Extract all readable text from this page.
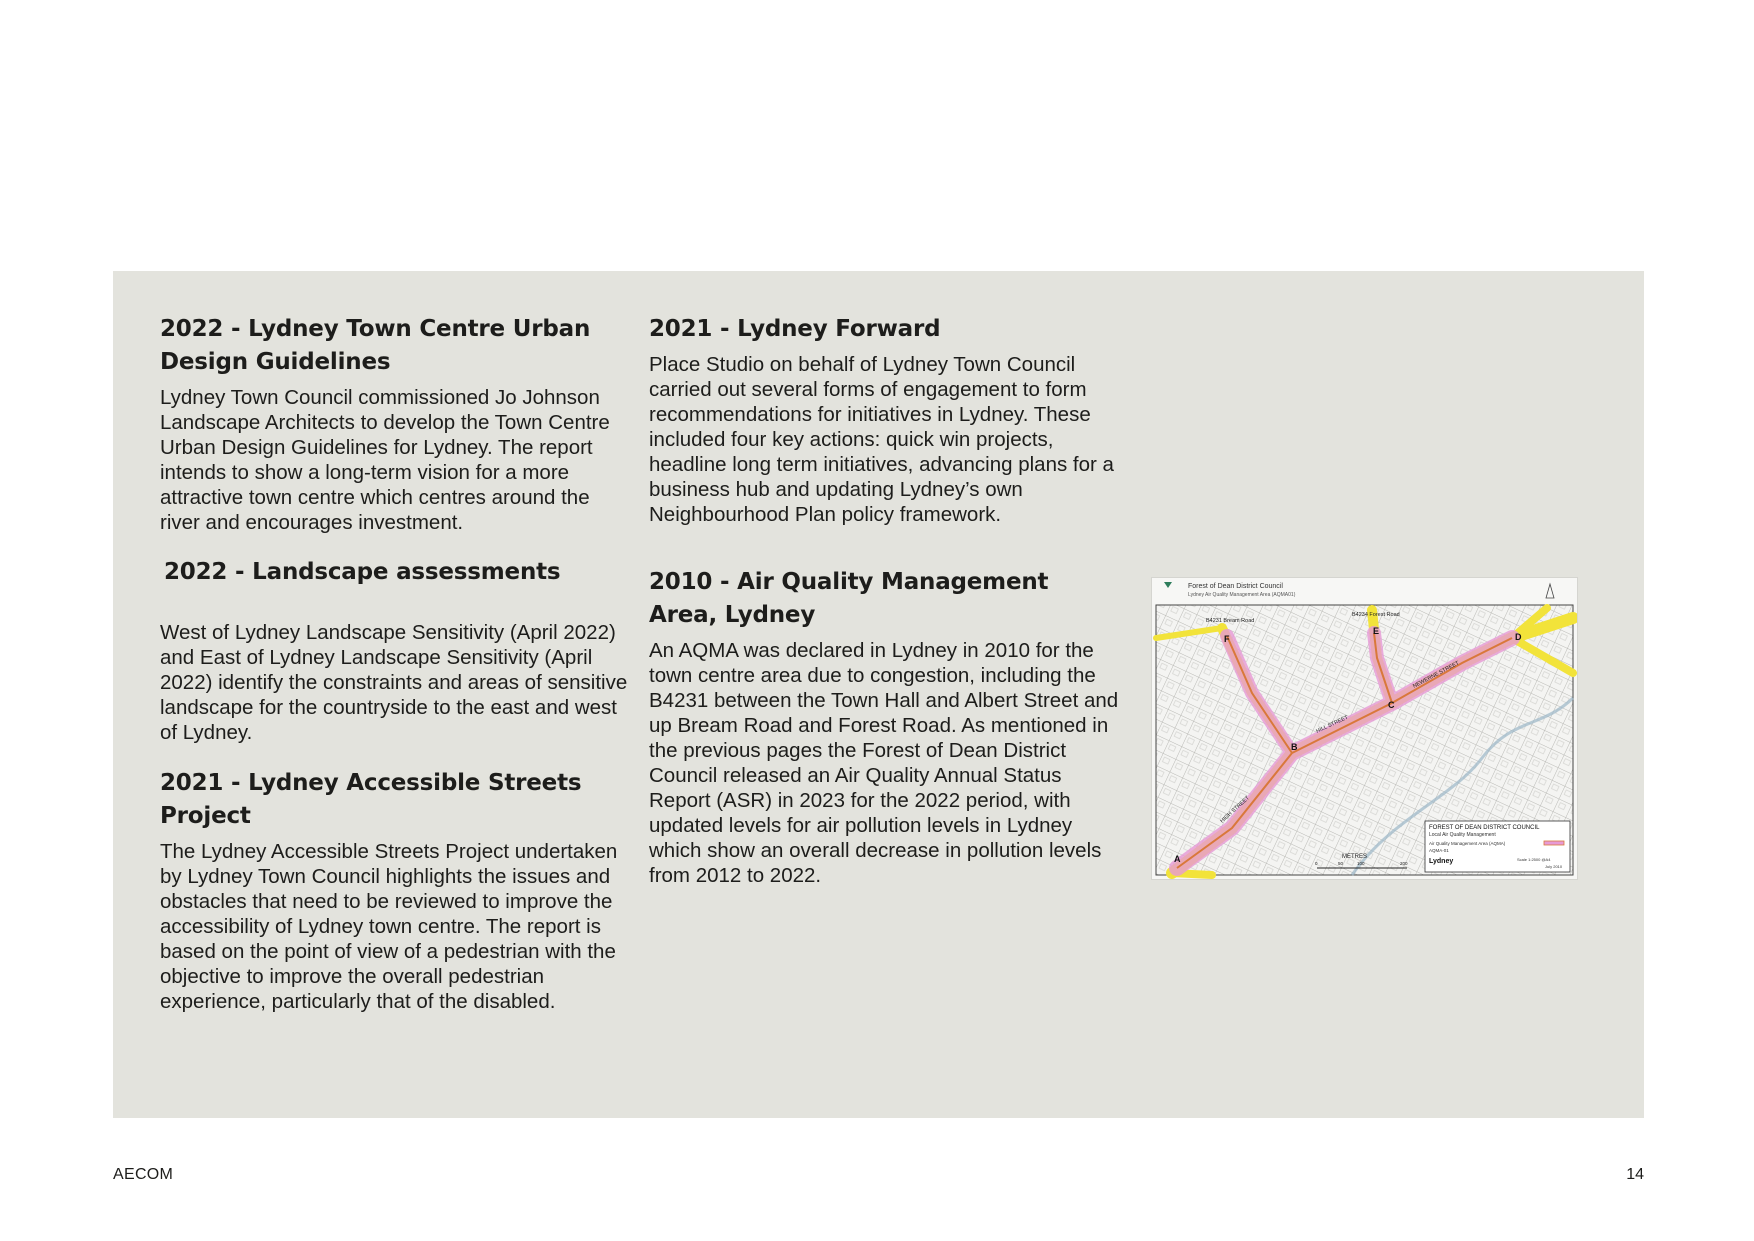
2022 - Lydney Town Centre Urban Design Guidelines

Lydney Town Council commissioned Jo Johnson Landscape Architects to develop the Town Centre Urban Design Guidelines for Lydney. The report intends to show a long-term vision for a more attractive town centre which centres around the river and encourages investment.

2022 - Landscape assessments

West of Lydney Landscape Sensitivity (April 2022) and East of Lydney Landscape Sensitivity (April 2022) identify the constraints and areas of sensitive landscape for the countryside to the east and west of Lydney.

2021 - Lydney Accessible Streets Project

The Lydney Accessible Streets Project undertaken by Lydney Town Council highlights the issues and obstacles that need to be reviewed to improve the accessibility of Lydney town centre. The report is based on the point of view of a pedestrian with the objective to improve the overall pedestrian experience, particularly that of the disabled.

2021 - Lydney Forward

Place Studio on behalf of Lydney Town Council carried out several forms of engagement to form recommendations for initiatives in Lydney. These included four key actions: quick win projects, headline long term initiatives, advancing plans for a business hub and updating Lydney’s own Neighbourhood Plan policy framework.

2010 - Air Quality Management Area, Lydney

An AQMA was declared in Lydney in 2010 for the town centre area due to congestion, including the B4231 between the Town Hall and Albert Street and up Bream Road and Forest Road. As mentioned in the previous pages the Forest of Dean District Council released an Air Quality Annual Status Report (ASR) in 2023 for the 2022 period, with updated levels for air pollution levels in Lydney which show an overall decrease in pollution levels from 2012 to 2022.

Forest of Dean District Council
Lydney Air Quality Management Area (AQMA01)
A
B
C
D
E
F
B4231 Bream Road
B4234 Forest Road
HIGH STREET
HILL STREET
NEWERNE STREET
METRES
0	50	100	200
FOREST OF DEAN DISTRICT COUNCIL
Local Air Quality Management
Air Quality Management Area (AQMA)
AQMA-01
Lydney	Scale 1:2500 @A4
July 2010
AECOM	14
